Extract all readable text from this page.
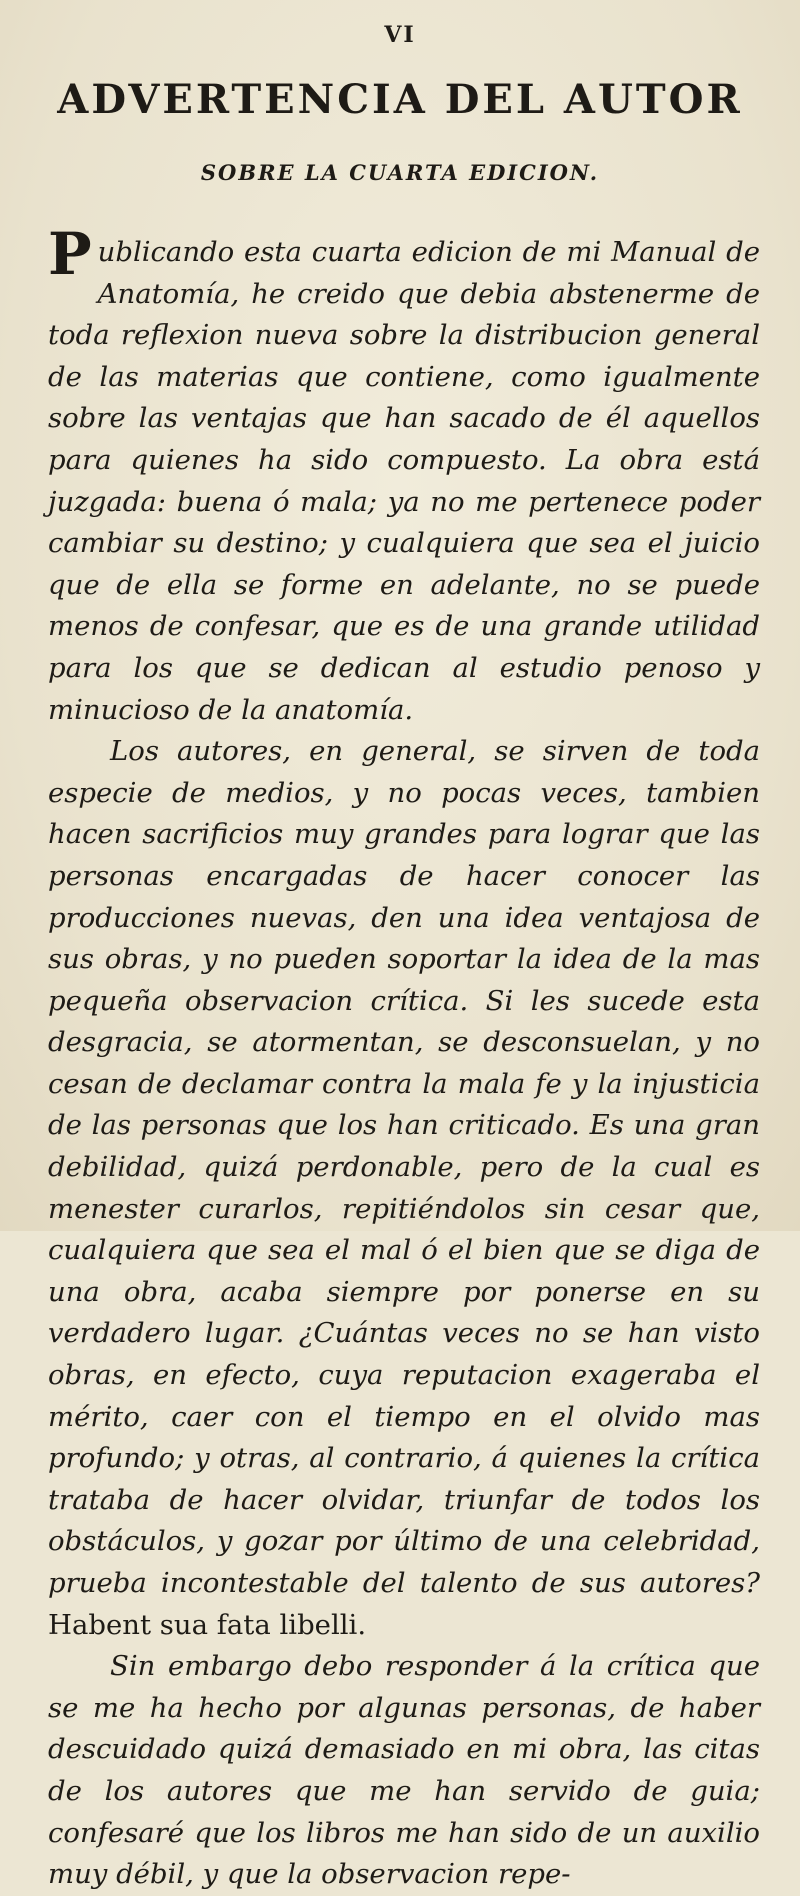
VI
ADVERTENCIA DEL AUTOR
SOBRE LA CUARTA EDICION.

Publicando esta cuarta edicion de mi Manual de Anatomía, he creido que debia abstenerme de toda reflexion nueva sobre la distribucion general de las materias que contiene, como igualmente sobre las ventajas que han sacado de él aquellos para quienes ha sido compuesto. La obra está juzgada: buena ó mala; ya no me pertenece poder cambiar su destino; y cualquiera que sea el juicio que de ella se forme en adelante, no se puede menos de confesar, que es de una grande utilidad para los que se dedican al estudio penoso y minucioso de la anatomía.

Los autores, en general, se sirven de toda especie de medios, y no pocas veces, tambien hacen sacrificios muy grandes para lograr que las personas encargadas de hacer conocer las producciones nuevas, den una idea ventajosa de sus obras, y no pueden soportar la idea de la mas pequeña observacion crítica. Si les sucede esta desgracia, se atormentan, se desconsuelan, y no cesan de declamar contra la mala fe y la injusticia de las personas que los han criticado. Es una gran debilidad, quizá perdonable, pero de la cual es menester curarlos, repitiéndolos sin cesar que, cualquiera que sea el mal ó el bien que se diga de una obra, acaba siempre por ponerse en su verdadero lugar. ¿Cuántas veces no se han visto obras, en efecto, cuya reputacion exageraba el mérito, caer con el tiempo en el olvido mas profundo; y otras, al contrario, á quienes la crítica trataba de hacer olvidar, triunfar de todos los obstáculos, y gozar por último de una celebridad, prueba incontestable del talento de sus autores? Habent sua fata libelli.

Sin embargo debo responder á la crítica que se me ha hecho por algunas personas, de haber descuidado quizá demasiado en mi obra, las citas de los autores que me han servido de guia; confesaré que los libros me han sido de un auxilio muy débil, y que la observacion repe-
